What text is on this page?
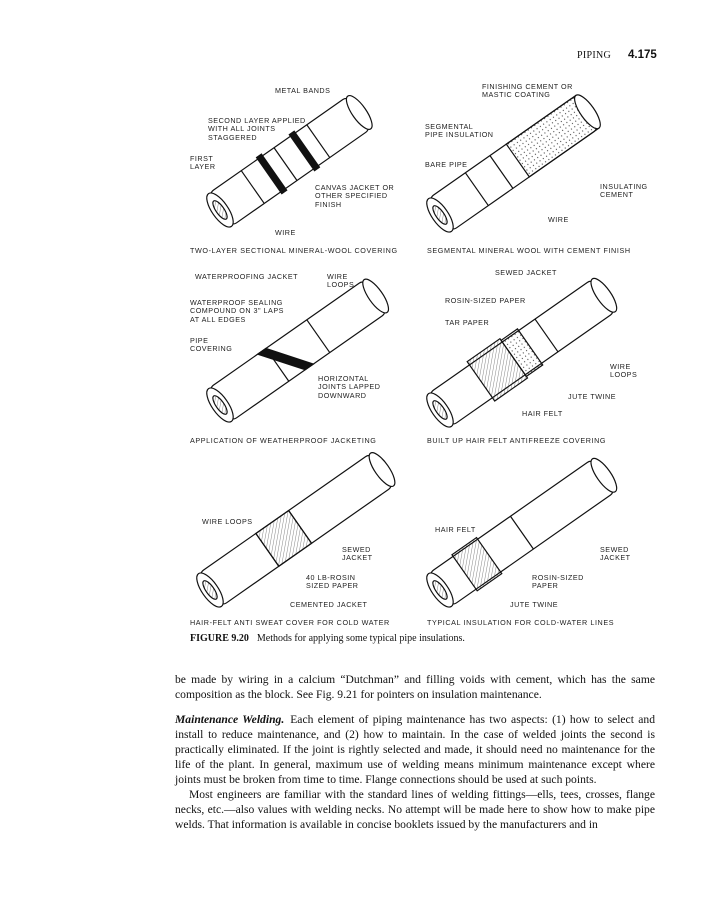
PIPING 4.175
METAL BANDS
SECOND LAYER APPLIED
WITH ALL JOINTS
STAGGERED
FIRST
LAYER
CANVAS JACKET OR
OTHER SPECIFIED
FINISH
WIRE
TWO-LAYER SECTIONAL MINERAL-WOOL COVERING
FINISHING CEMENT OR
MASTIC COATING
SEGMENTAL
PIPE INSULATION
BARE PIPE
INSULATING
CEMENT
WIRE
SEGMENTAL MINERAL WOOL WITH CEMENT FINISH
WATERPROOFING JACKET	WIRE
LOOPS
WATERPROOF SEALING
COMPOUND ON 3" LAPS
AT ALL EDGES
PIPE
COVERING
HORIZONTAL
JOINTS LAPPED
DOWNWARD
APPLICATION OF WEATHERPROOF JACKETING
SEWED JACKET
ROSIN-SIZED PAPER
TAR PAPER
WIRE
LOOPS
JUTE TWINE
HAIR FELT
BUILT UP HAIR FELT ANTIFREEZE COVERING
WIRE LOOPS
SEWED
JACKET
40 LB-ROSIN
SIZED PAPER
CEMENTED JACKET
HAIR-FELT ANTI SWEAT COVER FOR COLD WATER
HAIR FELT
SEWED
JACKET
ROSIN-SIZED
PAPER
JUTE TWINE
TYPICAL INSULATION FOR COLD-WATER LINES
FIGURE 9.20 Methods for applying some typical pipe insulations.

be made by wiring in a calcium “Dutchman” and filling voids with cement, which has the same composition as the block. See Fig. 9.21 for pointers on insulation maintenance.

Maintenance Welding. Each element of piping maintenance has two aspects: (1) how to select and install to reduce maintenance, and (2) how to maintain. In the case of welded joints the second is practically eliminated. If the joint is rightly selected and made, it should need no maintenance for the life of the plant. In general, maximum use of welding means minimum maintenance except where joints must be broken from time to time. Flange connections should be used at such points.

Most engineers are familiar with the standard lines of welding fittings—ells, tees, crosses, flange necks, etc.—also values with welding necks. No attempt will be made here to show how to make pipe welds. That information is available in concise booklets issued by the manufacturers and in
